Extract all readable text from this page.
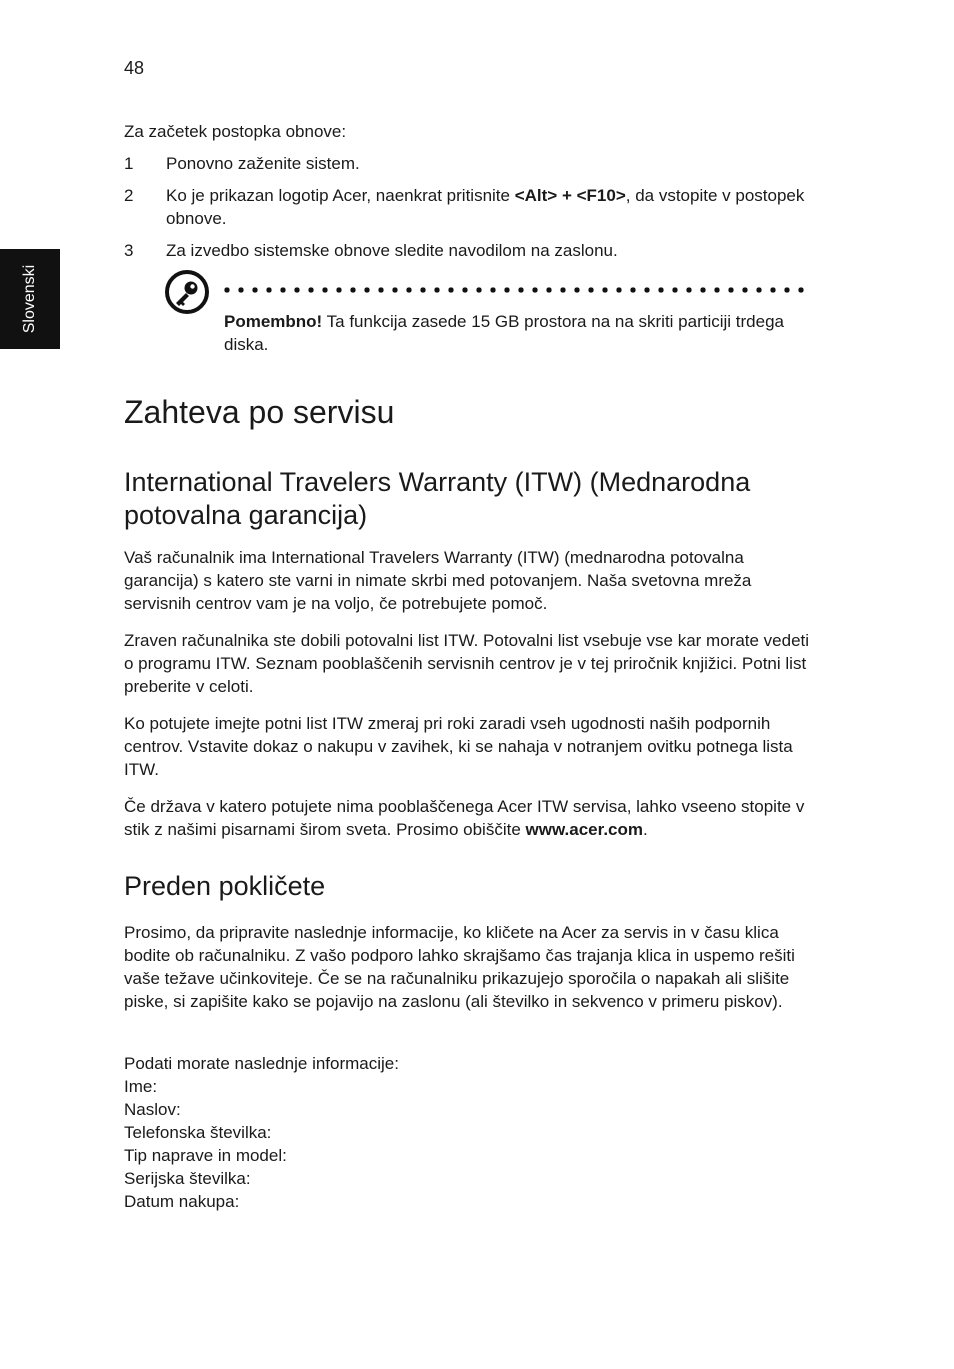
48
Slovenski
Za začetek postopka obnove:
1 Ponovno zaženite sistem.
2 Ko je prikazan logotip Acer, naenkrat pritisnite <Alt> + <F10>, da vstopite v postopek obnove.
3 Za izvedbo sistemske obnove sledite navodilom na zaslonu.
Pomembno! Ta funkcija zasede 15 GB prostora na na skriti particiji trdega diska.
Zahteva po servisu
International Travelers Warranty (ITW) (Mednarodna potovalna garancija)
Vaš računalnik ima International Travelers Warranty (ITW) (mednarodna potovalna garancija) s katero ste varni in nimate skrbi med potovanjem. Naša svetovna mreža servisnih centrov vam je na voljo, če potrebujete pomoč.
Zraven računalnika ste dobili potovalni list ITW. Potovalni list vsebuje vse kar morate vedeti o programu ITW. Seznam pooblaščenih servisnih centrov je v tej priročnik knjižici. Potni list preberite v celoti.
Ko potujete imejte potni list ITW zmeraj pri roki zaradi vseh ugodnosti naših podpornih centrov. Vstavite dokaz o nakupu v zavihek, ki se nahaja v notranjem ovitku potnega lista ITW.
Če država v katero potujete nima pooblaščenega Acer ITW servisa, lahko vseeno stopite v stik z našimi pisarnami širom sveta. Prosimo obiščite www.acer.com.
Preden pokličete
Prosimo, da pripravite naslednje informacije, ko kličete na Acer za servis in v času klica bodite ob računalniku. Z vašo podporo lahko skrajšamo čas trajanja klica in uspemo rešiti vaše težave učinkoviteje. Če se na računalniku prikazujejo sporočila o napakah ali slišite piske, si zapišite kako se pojavijo na zaslonu (ali številko in sekvenco v primeru piskov).
Podati morate naslednje informacije:
Ime:
Naslov:
Telefonska številka:
Tip naprave in model:
Serijska številka:
Datum nakupa:
